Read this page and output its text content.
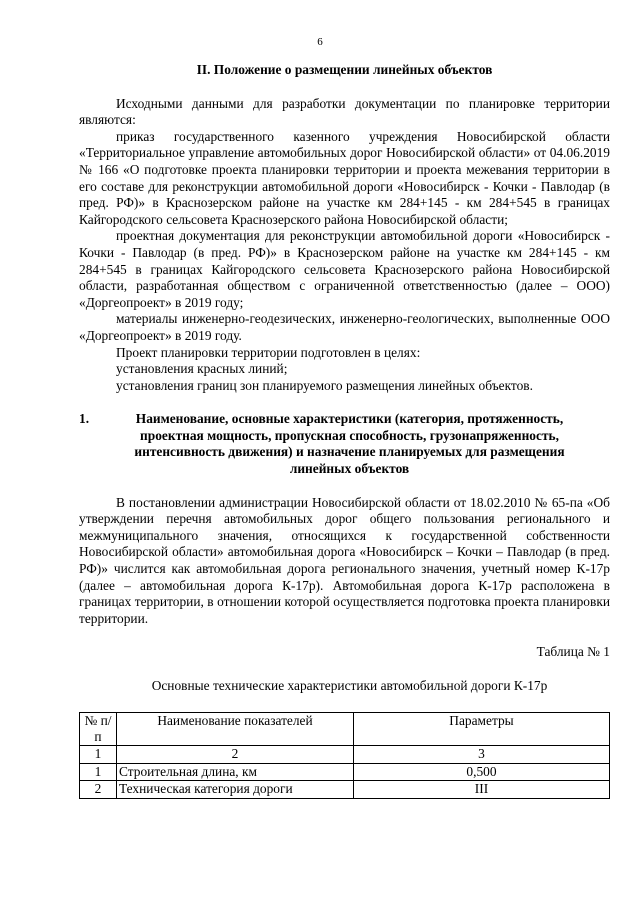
6
II. Положение о размещении линейных объектов

Исходными данными для разработки документации по планировке территории являются:

приказ государственного казенного учреждения Новосибирской области «Территориальное управление автомобильных дорог Новосибирской области» от 04.06.2019 № 166 «О подготовке проекта планировки территории и проекта межевания территории в его составе для реконструкции автомобильной дороги «Новосибирск - Кочки - Павлодар (в пред. РФ)» в Краснозерском районе на участке км 284+145 - км 284+545 в границах Кайгородского сельсовета Краснозерского района Новосибирской области;

проектная документация для реконструкции автомобильной дороги «Новосибирск - Кочки - Павлодар (в пред. РФ)» в Краснозерском районе на участке км 284+145 - км 284+545 в границах Кайгородского сельсовета Краснозерского района Новосибирской области, разработанная обществом с ограниченной ответственностью (далее – ООО) «Доргеопроект» в 2019 году;

материалы инженерно-геодезических, инженерно-геологических, выполненные ООО «Доргеопроект» в 2019 году.

Проект планировки территории подготовлен в целях:

установления красных линий;

установления границ зон планируемого размещения линейных объектов.

1.	Наименование, основные характеристики (категория, протяженность, проектная мощность, пропускная способность, грузонапряженность, интенсивность движения) и назначение планируемых для размещения линейных объектов

В постановлении администрации Новосибирской области от 18.02.2010 № 65-па «Об утверждении перечня автомобильных дорог общего пользования регионального и межмуниципального значения, относящихся к государственной собственности Новосибирской области» автомобильная дорога «Новосибирск – Кочки – Павлодар (в пред. РФ)» числится как автомобильная дорога регионального значения, учетный номер К-17р (далее – автомобильная дорога К-17р). Автомобильная дорога К-17р расположена в границах территории, в отношении которой осуществляется подготовка проекта планировки территории.

Таблица № 1

Основные технические характеристики автомобильной дороги К-17р

№ п/п	Наименование показателей	Параметры
1	2	3
1	Строительная длина, км	0,500
2	Техническая категория дороги	III
